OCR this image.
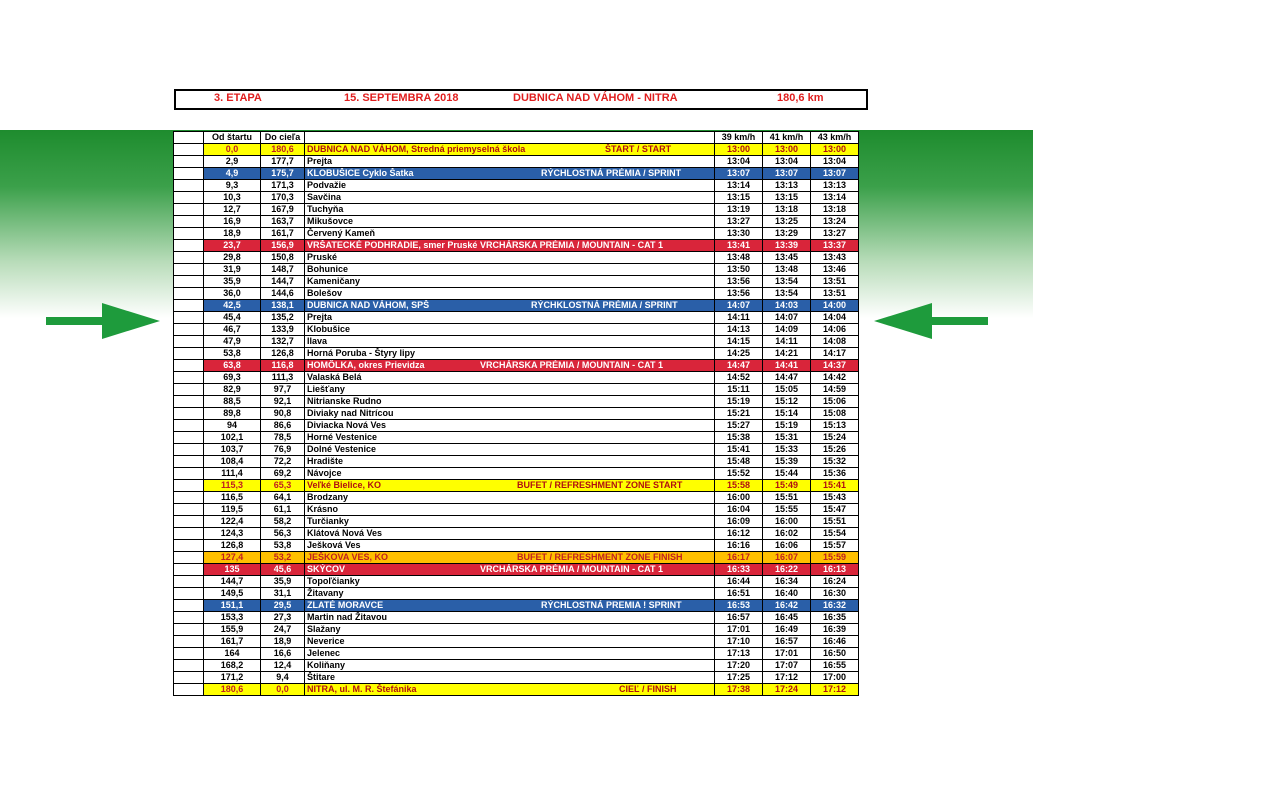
3. ETAPA	15. SEPTEMBRA 2018	DUBNICA NAD VÁHOM - NITRA	180,6 km
	Od štartu	Do cieľa		39 km/h	41 km/h	43 km/h
	0,0	180,6	DUBNICA NAD VÁHOM, Stredná priemyselná škola ŠTART / START	13:00	13:00	13:00
	2,9	177,7	Prejta	13:04	13:04	13:04
	4,9	175,7	KLOBUŠICE Cyklo Šatka RÝCHLOSTNÁ PRÉMIA / SPRINT	13:07	13:07	13:07
	9,3	171,3	Podvažie	13:14	13:13	13:13
	10,3	170,3	Savčina	13:15	13:15	13:14
	12,7	167,9	Tuchyňa	13:19	13:18	13:18
	16,9	163,7	Mikušovce	13:27	13:25	13:24
	18,9	161,7	Červený Kameň	13:30	13:29	13:27
	23,7	156,9	VRŠATECKÉ PODHRADIE, smer Pruské VRCHÁRSKA PRÉMIA / MOUNTAIN - CAT 1	13:41	13:39	13:37
	29,8	150,8	Pruské	13:48	13:45	13:43
	31,9	148,7	Bohunice	13:50	13:48	13:46
	35,9	144,7	Kameničany	13:56	13:54	13:51
	36,0	144,6	Bolešov	13:56	13:54	13:51
	42,5	138,1	DUBNICA NAD VÁHOM, SPŠ RÝCHKLOSTNÁ PRÉMIA / SPRINT	14:07	14:03	14:00
	45,4	135,2	Prejta	14:11	14:07	14:04
	46,7	133,9	Klobušice	14:13	14:09	14:06
	47,9	132,7	Ilava	14:15	14:11	14:08
	53,8	126,8	Horná Poruba - Štyry lipy	14:25	14:21	14:17
	63,8	116,8	HOMÔLKA, okres Prievidza VRCHÁRSKA PRÉMIA / MOUNTAIN - CAT 1	14:47	14:41	14:37
	69,3	111,3	Valaská Belá	14:52	14:47	14:42
	82,9	97,7	Liešťany	15:11	15:05	14:59
	88,5	92,1	Nitrianske Rudno	15:19	15:12	15:06
	89,8	90,8	Diviaky nad Nitrícou	15:21	15:14	15:08
	94	86,6	Diviacka Nová Ves	15:27	15:19	15:13
	102,1	78,5	Horné Vestenice	15:38	15:31	15:24
	103,7	76,9	Dolné Vestenice	15:41	15:33	15:26
	108,4	72,2	Hradište	15:48	15:39	15:32
	111,4	69,2	Návojce	15:52	15:44	15:36
	115,3	65,3	Veľké Bielice, KO BUFET / REFRESHMENT ZONE START	15:58	15:49	15:41
	116,5	64,1	Brodzany	16:00	15:51	15:43
	119,5	61,1	Krásno	16:04	15:55	15:47
	122,4	58,2	Turčianky	16:09	16:00	15:51
	124,3	56,3	Klátová Nová Ves	16:12	16:02	15:54
	126,8	53,8	Ješková Ves	16:16	16:06	15:57
	127,4	53,2	JEŠKOVA VES, KO BUFET / REFRESHMENT ZONE FINISH	16:17	16:07	15:59
	135	45,6	SKÝCOV VRCHÁRSKA PRÉMIA / MOUNTAIN - CAT 1	16:33	16:22	16:13
	144,7	35,9	Topoľčianky	16:44	16:34	16:24
	149,5	31,1	Žitavany	16:51	16:40	16:30
	151,1	29,5	ZLATÉ MORAVCE RÝCHLOSTNÁ PREMIA ! SPRINT	16:53	16:42	16:32
	153,3	27,3	Martin nad Žitavou	16:57	16:45	16:35
	155,9	24,7	Slažany	17:01	16:49	16:39
	161,7	18,9	Neverice	17:10	16:57	16:46
	164	16,6	Jelenec	17:13	17:01	16:50
	168,2	12,4	Koliňany	17:20	17:07	16:55
	171,2	9,4	Štitare	17:25	17:12	17:00
	180,6	0,0	NITRA, ul. M. R. Štefánika CIEĽ / FINISH	17:38	17:24	17:12
